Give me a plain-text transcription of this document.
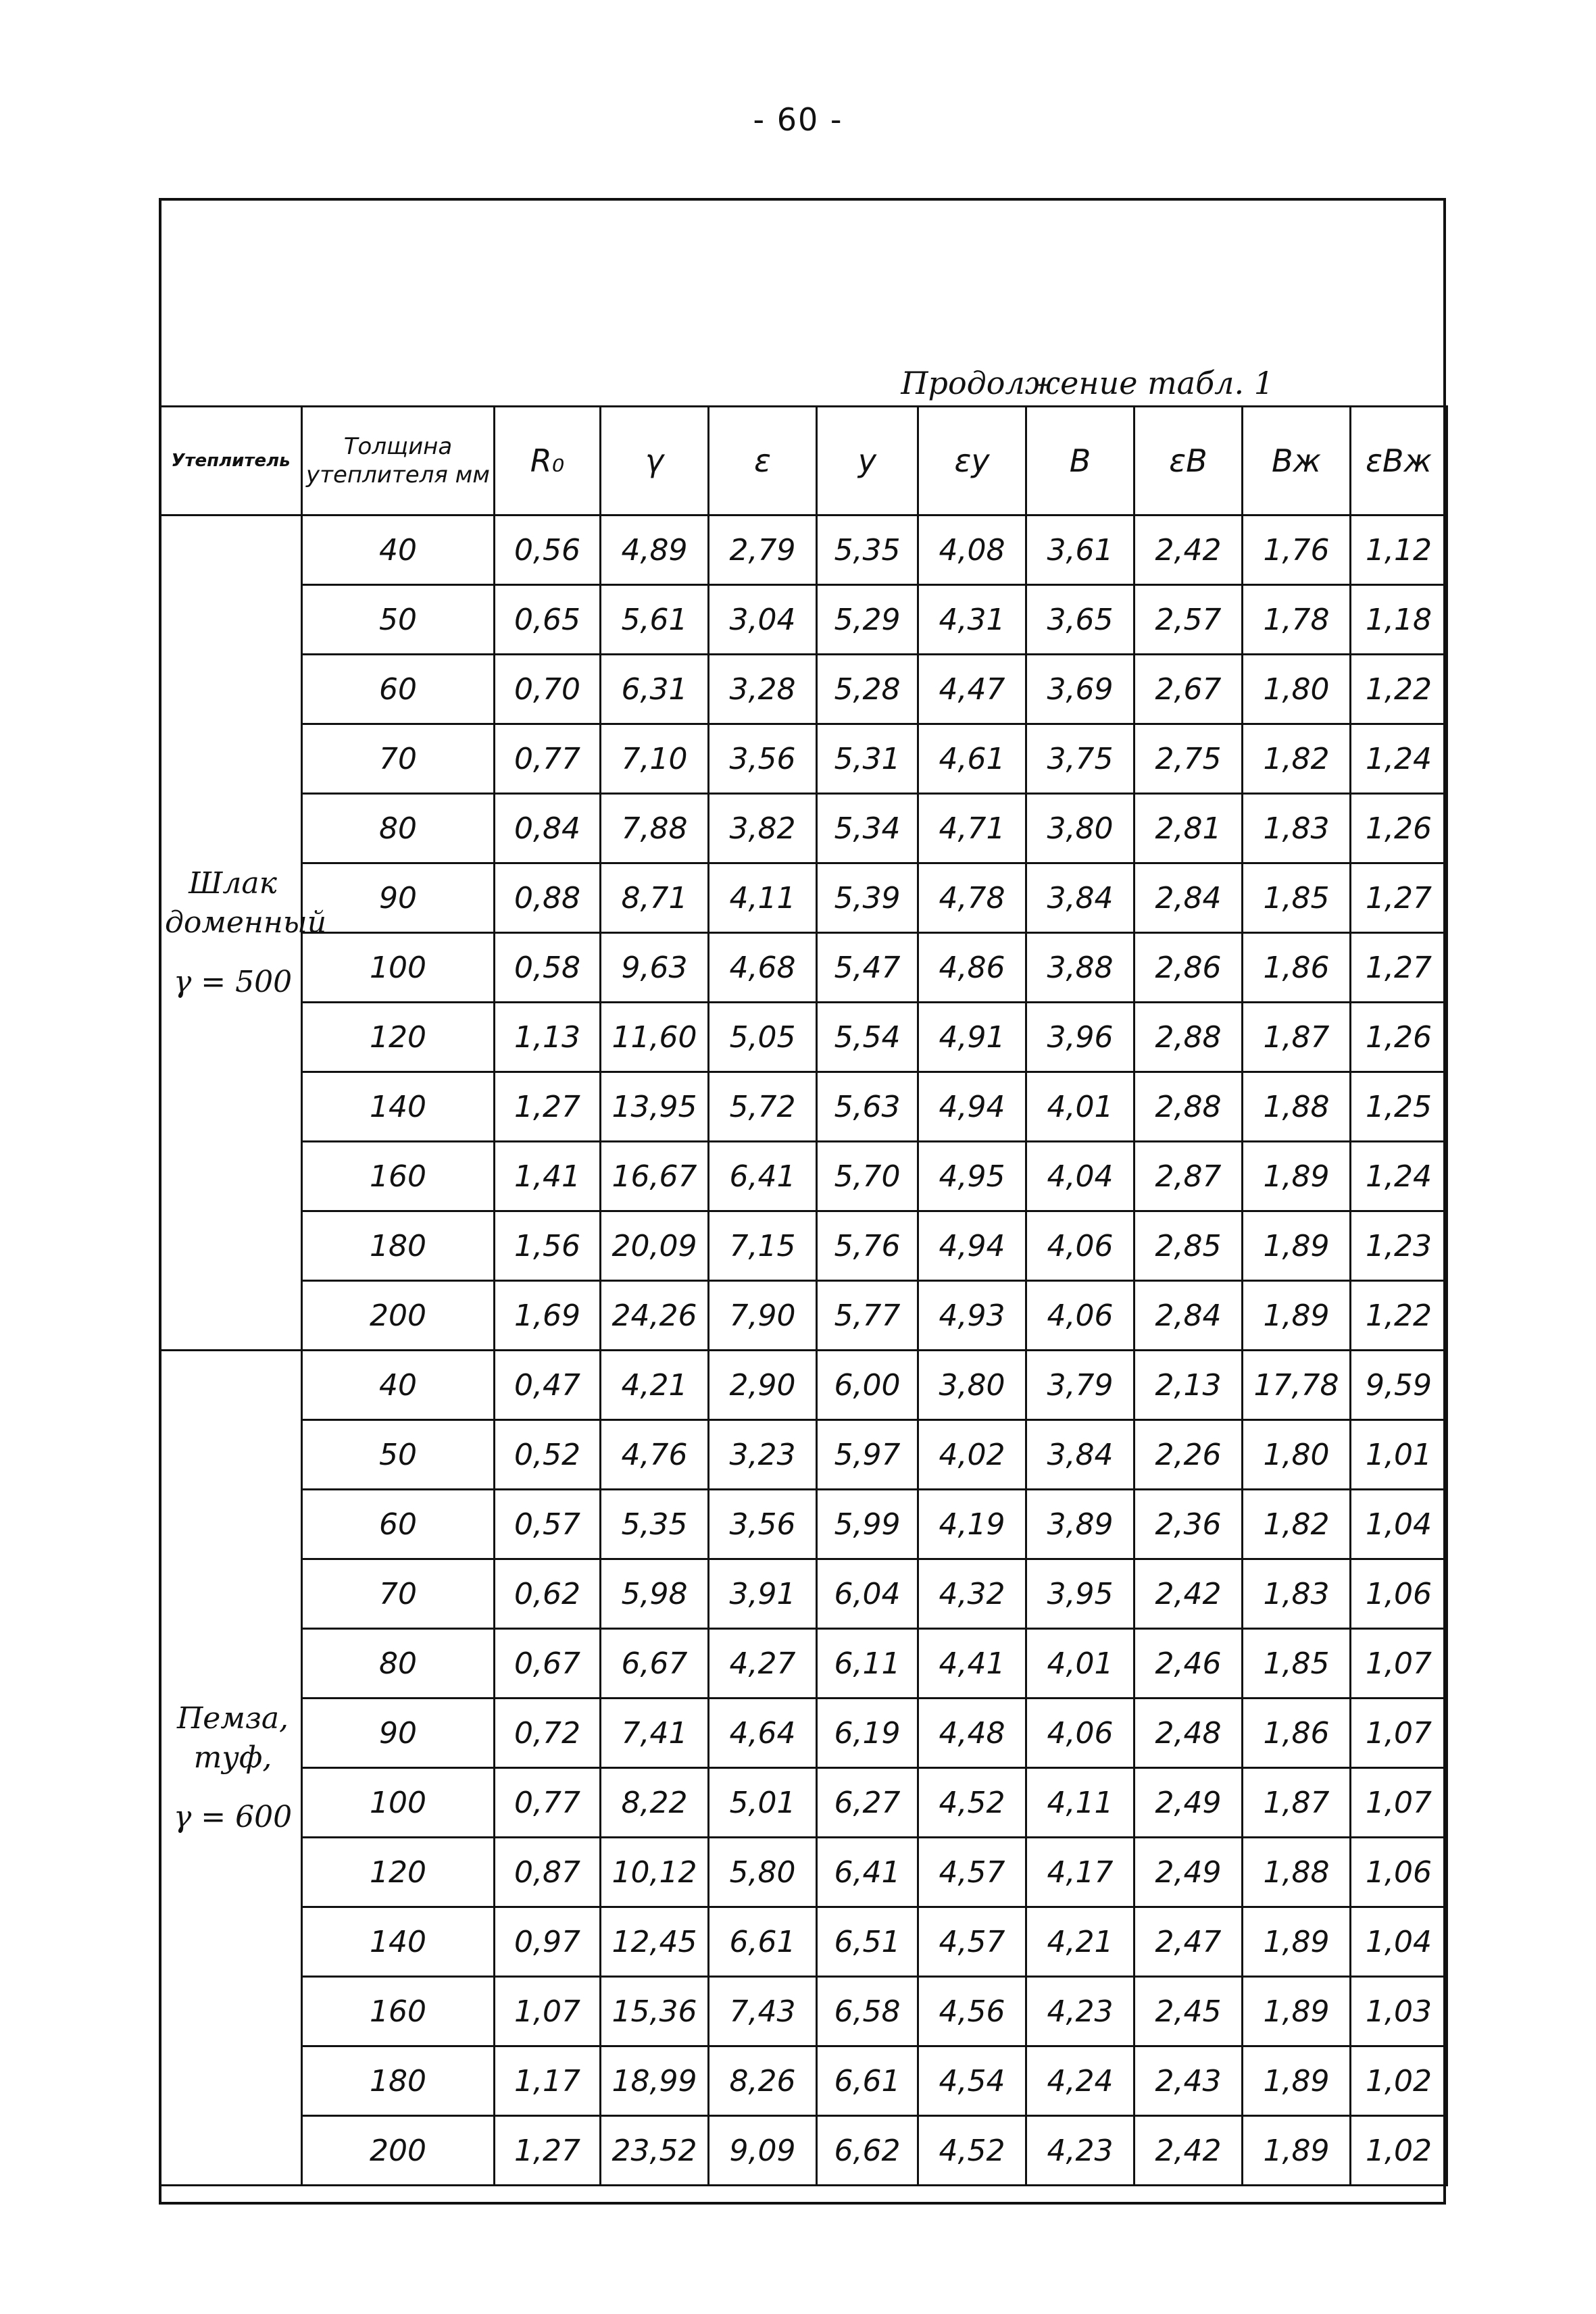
- 60 -
Продолжение табл. 1
Утеплитель	Толщина утеплителя мм	R₀	γ	ε	y	εy	B	εB	Bж	εBж
Шлак доменный
γ = 500	40	0,56	4,89	2,79	5,35	4,08	3,61	2,42	1,76	1,12
	50	0,65	5,61	3,04	5,29	4,31	3,65	2,57	1,78	1,18
	60	0,70	6,31	3,28	5,28	4,47	3,69	2,67	1,80	1,22
	70	0,77	7,10	3,56	5,31	4,61	3,75	2,75	1,82	1,24
	80	0,84	7,88	3,82	5,34	4,71	3,80	2,81	1,83	1,26
	90	0,88	8,71	4,11	5,39	4,78	3,84	2,84	1,85	1,27
	100	0,58	9,63	4,68	5,47	4,86	3,88	2,86	1,86	1,27
	120	1,13	11,60	5,05	5,54	4,91	3,96	2,88	1,87	1,26
	140	1,27	13,95	5,72	5,63	4,94	4,01	2,88	1,88	1,25
	160	1,41	16,67	6,41	5,70	4,95	4,04	2,87	1,89	1,24
	180	1,56	20,09	7,15	5,76	4,94	4,06	2,85	1,89	1,23
	200	1,69	24,26	7,90	5,77	4,93	4,06	2,84	1,89	1,22
Пемза, туф,
γ = 600	40	0,47	4,21	2,90	6,00	3,80	3,79	2,13	17,78	9,59
	50	0,52	4,76	3,23	5,97	4,02	3,84	2,26	1,80	1,01
	60	0,57	5,35	3,56	5,99	4,19	3,89	2,36	1,82	1,04
	70	0,62	5,98	3,91	6,04	4,32	3,95	2,42	1,83	1,06
	80	0,67	6,67	4,27	6,11	4,41	4,01	2,46	1,85	1,07
	90	0,72	7,41	4,64	6,19	4,48	4,06	2,48	1,86	1,07
	100	0,77	8,22	5,01	6,27	4,52	4,11	2,49	1,87	1,07
	120	0,87	10,12	5,80	6,41	4,57	4,17	2,49	1,88	1,06
	140	0,97	12,45	6,61	6,51	4,57	4,21	2,47	1,89	1,04
	160	1,07	15,36	7,43	6,58	4,56	4,23	2,45	1,89	1,03
	180	1,17	18,99	8,26	6,61	4,54	4,24	2,43	1,89	1,02
	200	1,27	23,52	9,09	6,62	4,52	4,23	2,42	1,89	1,02
